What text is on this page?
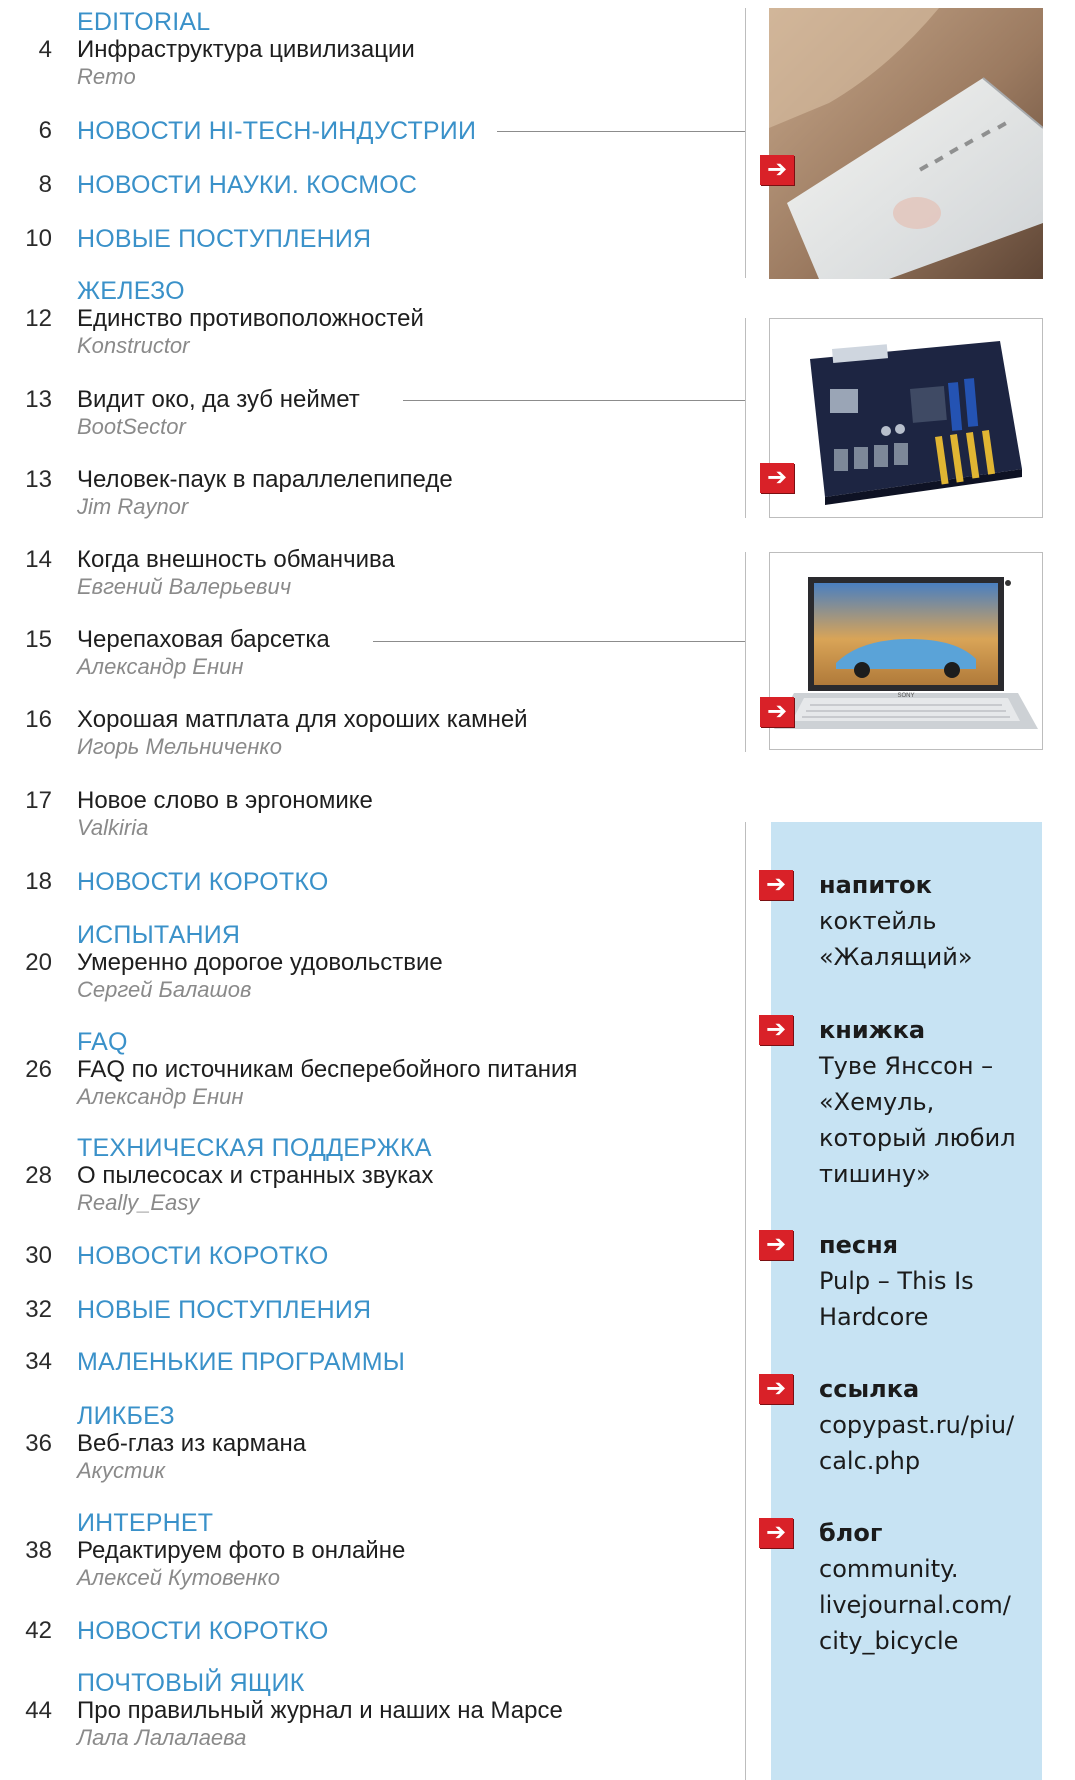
EDITORIAL
4 Инфраструктура цивилизации
Remo
6 НОВОСТИ HI-ТЕCH-ИНДУСТРИИ
8 НОВОСТИ НАУКИ. КОСМОС
10 НОВЫЕ ПОСТУПЛЕНИЯ
ЖЕЛЕЗО
12 Единство противоположностей
Konstructor
13 Видит око, да зуб неймет
BootSector
13 Человек-паук в параллелепипеде
Jim Raynor
14 Когда внешность обманчива
Евгений Валерьевич
15 Черепаховая барсетка
Александр Енин
16 Хорошая матплата для хороших камней
Игорь Мельниченко
17 Новое слово в эргономике
Valkiria
18 НОВОСТИ КОРОТКО
ИСПЫТАНИЯ
20 Умеренно дорогое удовольствие
Сергей Балашов
FAQ
26 FAQ по источникам бесперебойного питания
Александр Енин
ТЕХНИЧЕСКАЯ ПОДДЕРЖКА
28 О пылесосах и странных звуках
Really_Easy
30 НОВОСТИ КОРОТКО
32 НОВЫЕ ПОСТУПЛЕНИЯ
34 МАЛЕНЬКИЕ ПРОГРАММЫ
ЛИКБЕЗ
36 Веб-глаз из кармана
Акустик
ИНТЕРНЕТ
38 Редактируем фото в онлайне
Алексей Кутовенко
42 НОВОСТИ КОРОТКО
ПОЧТОВЫЙ ЯЩИК
44 Про правильный журнал и наших на Марсе
Лала Лалалаева
➔
➔
SONY
➔
➔ напиток
коктейль
«Жалящий»
➔ книжка
Туве Янссон –
«Хемуль,
который любил
тишину»
➔ песня
Pulp – This Is
Hardcore
➔ ссылка
copypast.ru/piu/
calc.php
➔ блог
community.
livejournal.com/
city_bicycle
